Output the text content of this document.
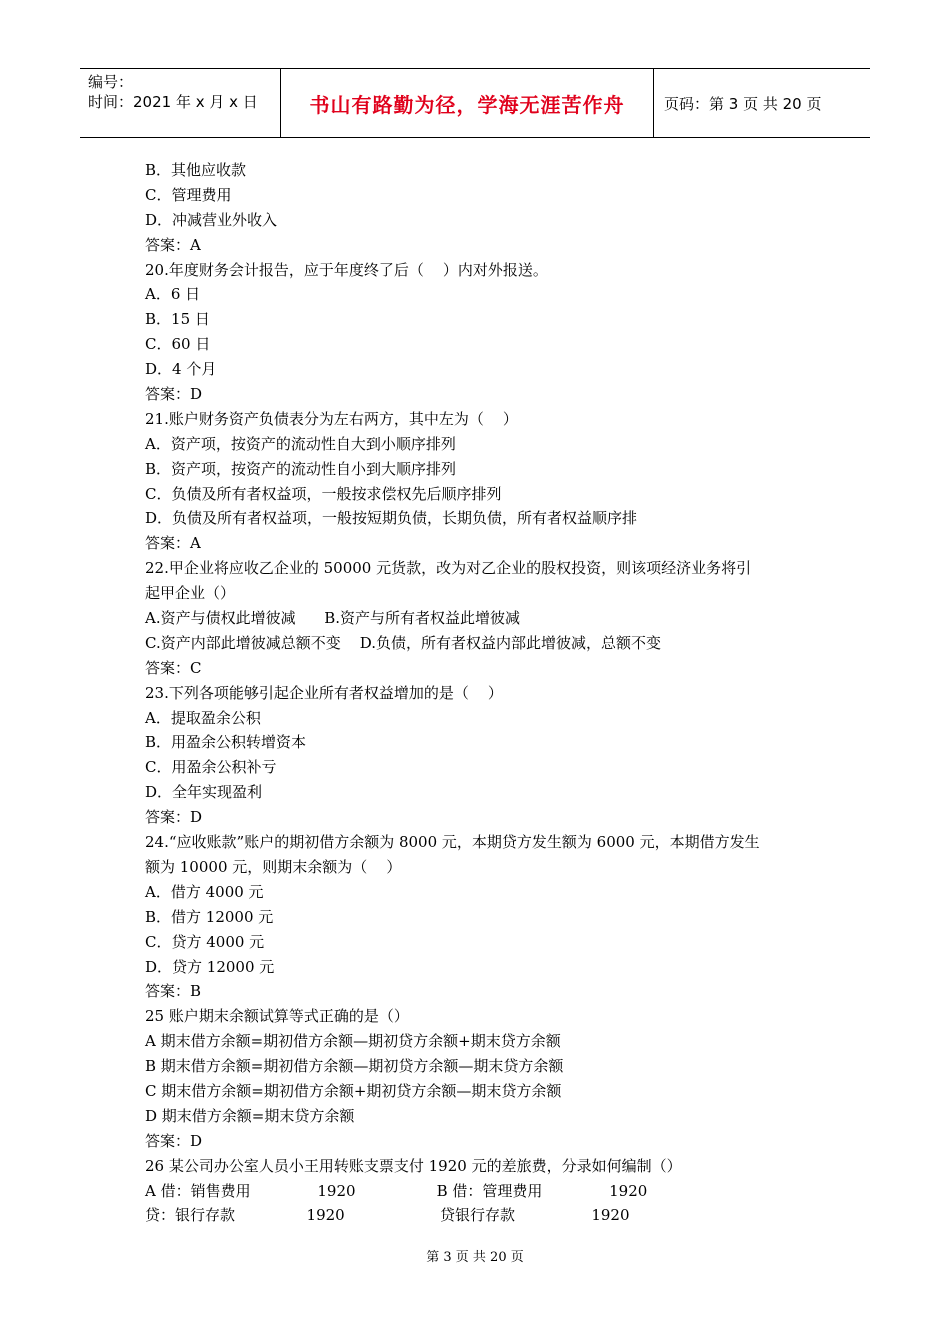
编号：
时间：2021 年 x 月 x 日	书山有路勤为径，学海无涯苦作舟	页码：第 3 页 共 20 页
B．其他应收款
C．管理费用
D．冲减营业外收入
答案：A
20.年度财务会计报告，应于年度终了后（    ）内对外报送。
A．6 日
B．15 日
C．60 日
D．4 个月
答案：D
21.账户财务资产负债表分为左右两方，其中左为（    ）
A．资产项，按资产的流动性自大到小顺序排列
B．资产项，按资产的流动性自小到大顺序排列
C．负债及所有者权益项，一般按求偿权先后顺序排列
D．负债及所有者权益项，一般按短期负债，长期负债，所有者权益顺序排
答案：A
22.甲企业将应收乙企业的 50000 元货款，改为对乙企业的股权投资，则该项经济业务将引
起甲企业（）
A.资产与债权此增彼减      B.资产与所有者权益此增彼减
C.资产内部此增彼减总额不变    D.负债，所有者权益内部此增彼减，总额不变
答案：C
23.下列各项能够引起企业所有者权益增加的是（    ）
A．提取盈余公积
B．用盈余公积转增资本
C．用盈余公积补亏
D．全年实现盈利
答案：D
24.“应收账款”账户的期初借方余额为 8000 元，本期贷方发生额为 6000 元，本期借方发生
额为 10000 元，则期末余额为（    ）
A．借方 4000 元
B．借方 12000 元
C．贷方 4000 元
D．贷方 12000 元
答案：B
25 账户期末余额试算等式正确的是（）
A 期末借方余额=期初借方余额—期初贷方余额+期末贷方余额
B 期末借方余额=期初借方余额—期初贷方余额—期末贷方余额
C 期末借方余额=期初借方余额+期初贷方余额—期末贷方余额
D 期末借方余额=期末贷方余额
答案：D
26 某公司办公室人员小王用转账支票支付 1920 元的差旅费，分录如何编制（）
A 借：销售费用              1920                 B 借：管理费用              1920
贷：银行存款               1920                    贷银行存款                1920
第 3 页 共 20 页
